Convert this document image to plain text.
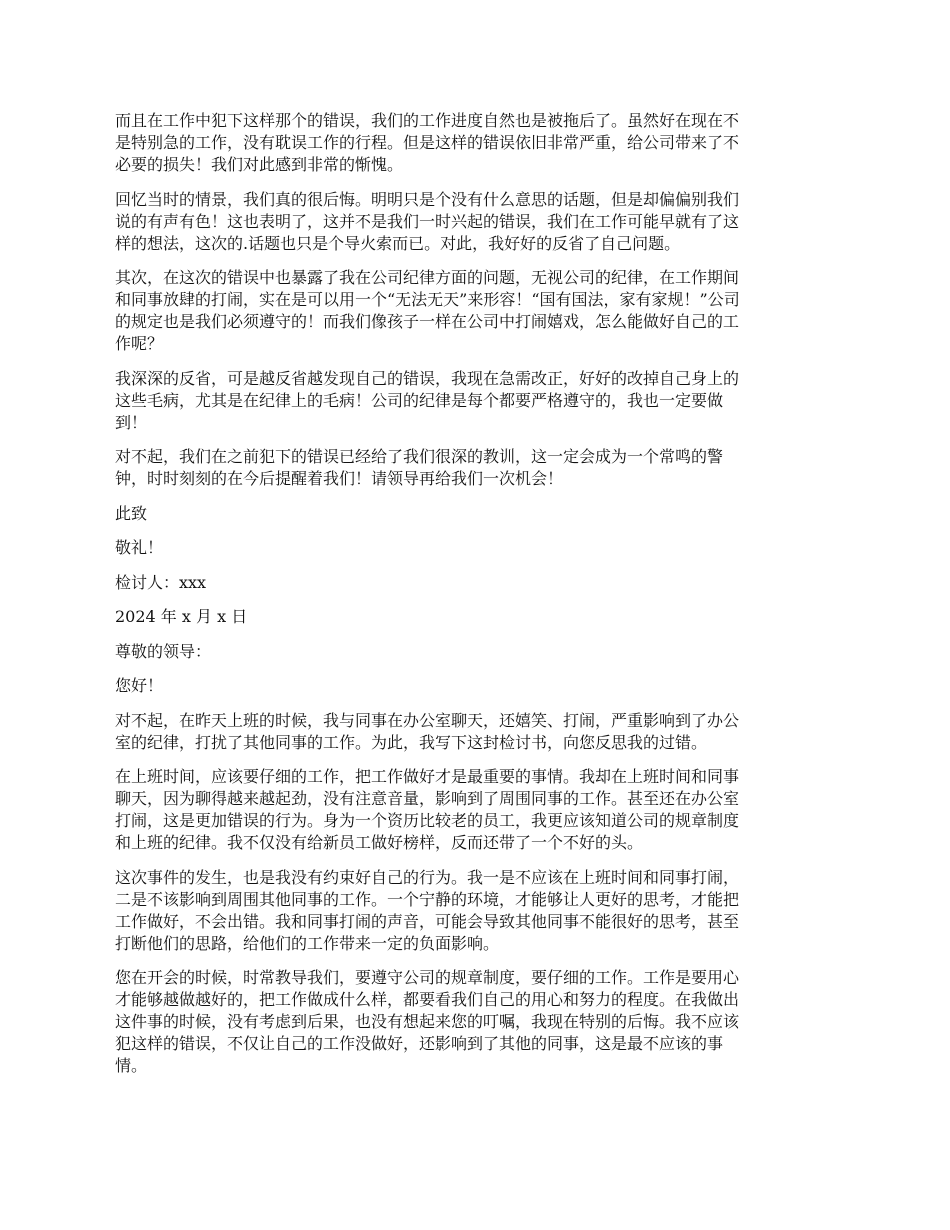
而且在工作中犯下这样那个的错误，我们的工作进度自然也是被拖后了。虽然好在现在不
是特别急的工作，没有耽误工作的行程。但是这样的错误依旧非常严重，给公司带来了不
必要的损失！我们对此感到非常的惭愧。
回忆当时的情景，我们真的很后悔。明明只是个没有什么意思的话题，但是却偏偏别我们
说的有声有色！这也表明了，这并不是我们一时兴起的错误，我们在工作可能早就有了这
样的想法，这次的.话题也只是个导火索而已。对此，我好好的反省了自己问题。
其次，在这次的错误中也暴露了我在公司纪律方面的问题，无视公司的纪律，在工作期间
和同事放肆的打闹，实在是可以用一个“无法无天”来形容！“国有国法，家有家规！”公司
的规定也是我们必须遵守的！而我们像孩子一样在公司中打闹嬉戏，怎么能做好自己的工
作呢？
我深深的反省，可是越反省越发现自己的错误，我现在急需改正，好好的改掉自己身上的
这些毛病，尤其是在纪律上的毛病！公司的纪律是每个都要严格遵守的，我也一定要做
到！
对不起，我们在之前犯下的错误已经给了我们很深的教训，这一定会成为一个常鸣的警
钟，时时刻刻的在今后提醒着我们！请领导再给我们一次机会！
此致
敬礼！
检讨人：xxx
2024 年 x 月 x 日
尊敬的领导：
您好！
对不起，在昨天上班的时候，我与同事在办公室聊天，还嬉笑、打闹，严重影响到了办公
室的纪律，打扰了其他同事的工作。为此，我写下这封检讨书，向您反思我的过错。
在上班时间，应该要仔细的工作，把工作做好才是最重要的事情。我却在上班时间和同事
聊天，因为聊得越来越起劲，没有注意音量，影响到了周围同事的工作。甚至还在办公室
打闹，这是更加错误的行为。身为一个资历比较老的员工，我更应该知道公司的规章制度
和上班的纪律。我不仅没有给新员工做好榜样，反而还带了一个不好的头。
这次事件的发生，也是我没有约束好自己的行为。我一是不应该在上班时间和同事打闹，
二是不该影响到周围其他同事的工作。一个宁静的环境，才能够让人更好的思考，才能把
工作做好，不会出错。我和同事打闹的声音，可能会导致其他同事不能很好的思考，甚至
打断他们的思路，给他们的工作带来一定的负面影响。
您在开会的时候，时常教导我们，要遵守公司的规章制度，要仔细的工作。工作是要用心
才能够越做越好的，把工作做成什么样，都要看我们自己的用心和努力的程度。在我做出
这件事的时候，没有考虑到后果，也没有想起来您的叮嘱，我现在特别的后悔。我不应该
犯这样的错误，不仅让自己的工作没做好，还影响到了其他的同事，这是最不应该的事
情。
